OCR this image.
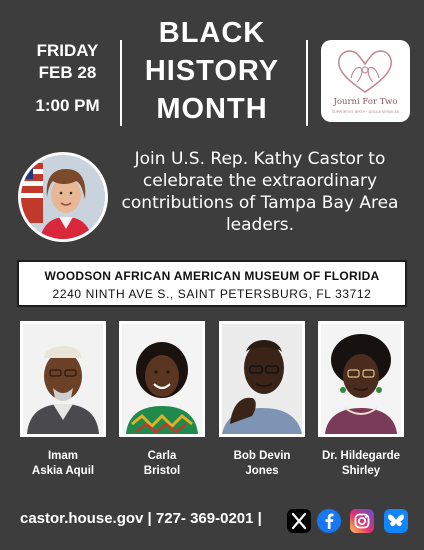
FRIDAY
FEB 28
1:00 PM
BLACK
HISTORY
MONTH	Journi For Two
SUPPORTIVE BIRTH · DOULA SERVICES
Join U.S. Rep. Kathy Castor to celebrate the extraordinary contributions of Tampa Bay Area leaders.
WOODSON AFRICAN AMERICAN MUSEUM OF FLORIDA
2240 NINTH AVE S., SAINT PETERSBURG, FL 33712
Imam
Askia Aquil
Carla
Bristol
Bob Devin
Jones
Dr. Hildegarde
Shirley
castor.house.gov | 727- 369-0201 |
